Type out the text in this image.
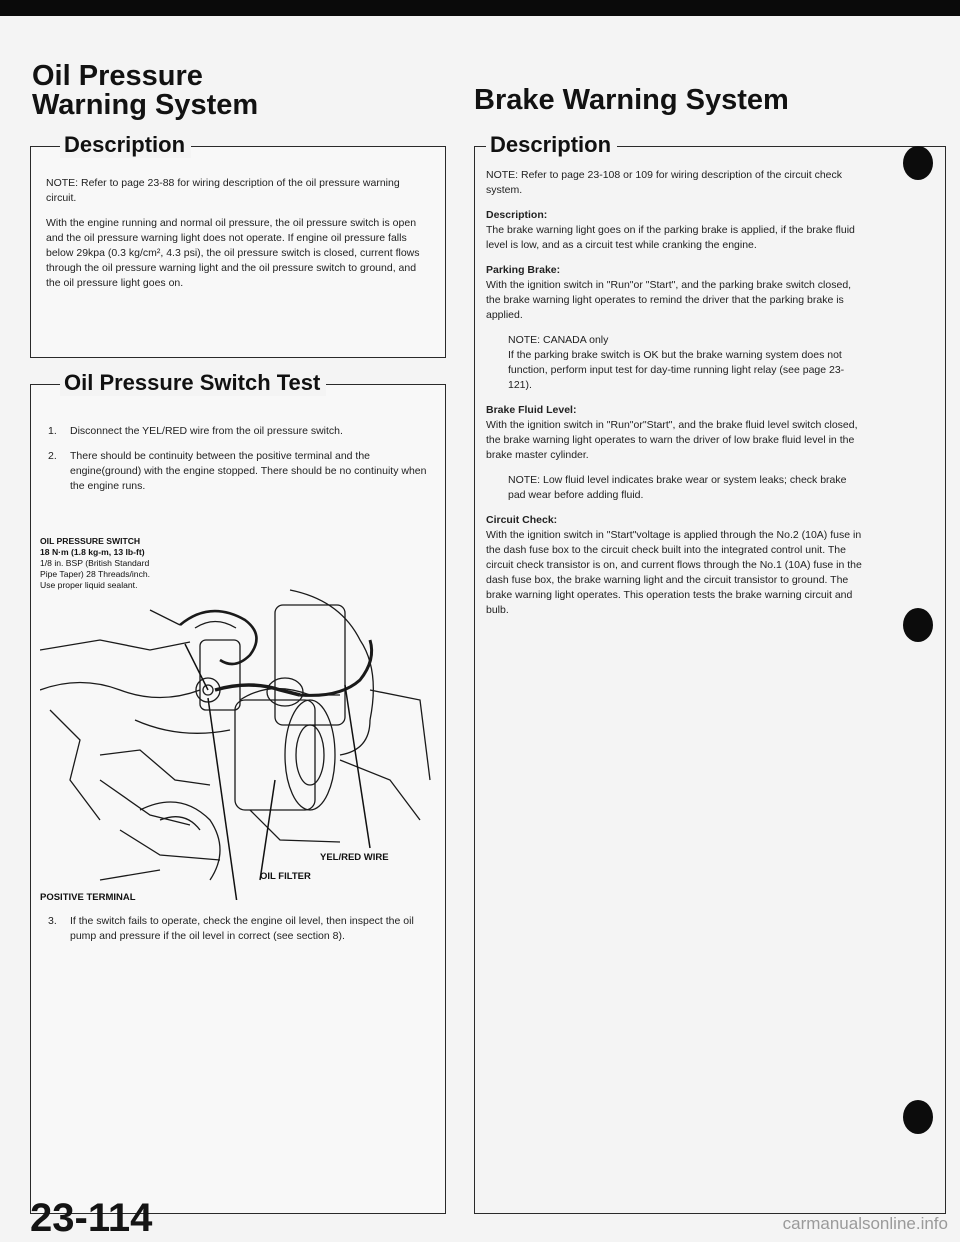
Oil Pressure
Warning System
Description

NOTE: Refer to page 23-88 for wiring description of the oil pressure warning circuit.

With the engine running and normal oil pressure, the oil pressure switch is open and the oil pressure warning light does not operate. If engine oil pressure falls below 29kpa (0.3 kg/cm², 4.3 psi), the oil pressure switch is closed, current flows through the oil pressure warning light and the oil pressure switch to ground, and the oil pressure light goes on.

Oil Pressure Switch Test
1. Disconnect the YEL/RED wire from the oil pressure switch.
2. There should be continuity between the positive terminal and the engine(ground) with the engine stopped. There should be no continuity when the engine runs.
OIL PRESSURE SWITCH
18 N·m (1.8 kg-m, 13 lb-ft)
1/8 in. BSP (British Standard
Pipe Taper) 28 Threads/inch.
Use proper liquid sealant.
YEL/RED WIRE
OIL FILTER
POSITIVE TERMINAL
3. If the switch fails to operate, check the engine oil level, then inspect the oil pump and pressure if the oil level in correct (see section 8).
23-114
Brake Warning System
Description

NOTE: Refer to page 23-108 or 109 for wiring description of the circuit check system.

Description:
The brake warning light goes on if the parking brake is applied, if the brake fluid level is low, and as a circuit test while cranking the engine.

Parking Brake:
With the ignition switch in "Run"or "Start", and the parking brake switch closed, the brake warning light operates to remind the driver that the parking brake is applied.

NOTE: CANADA only
If the parking brake switch is OK but the brake warning system does not function, perform input test for day-time running light relay (see page 23-121).

Brake Fluid Level:
With the ignition switch in "Run"or"Start", and the brake fluid level switch closed, the brake warning light operates to warn the driver of low brake fluid level in the brake master cylinder.

NOTE: Low fluid level indicates brake wear or system leaks; check brake pad wear before adding fluid.

Circuit Check:
With the ignition switch in "Start"voltage is applied through the No.2 (10A) fuse in the dash fuse box to the circuit check built into the integrated control unit. The circuit check transistor is on, and current flows through the No.1 (10A) fuse in the dash fuse box, the brake warning light and the circuit transistor to ground. The brake warning light operates. This operation tests the brake warning circuit and bulb.

carmanualsonline.info
